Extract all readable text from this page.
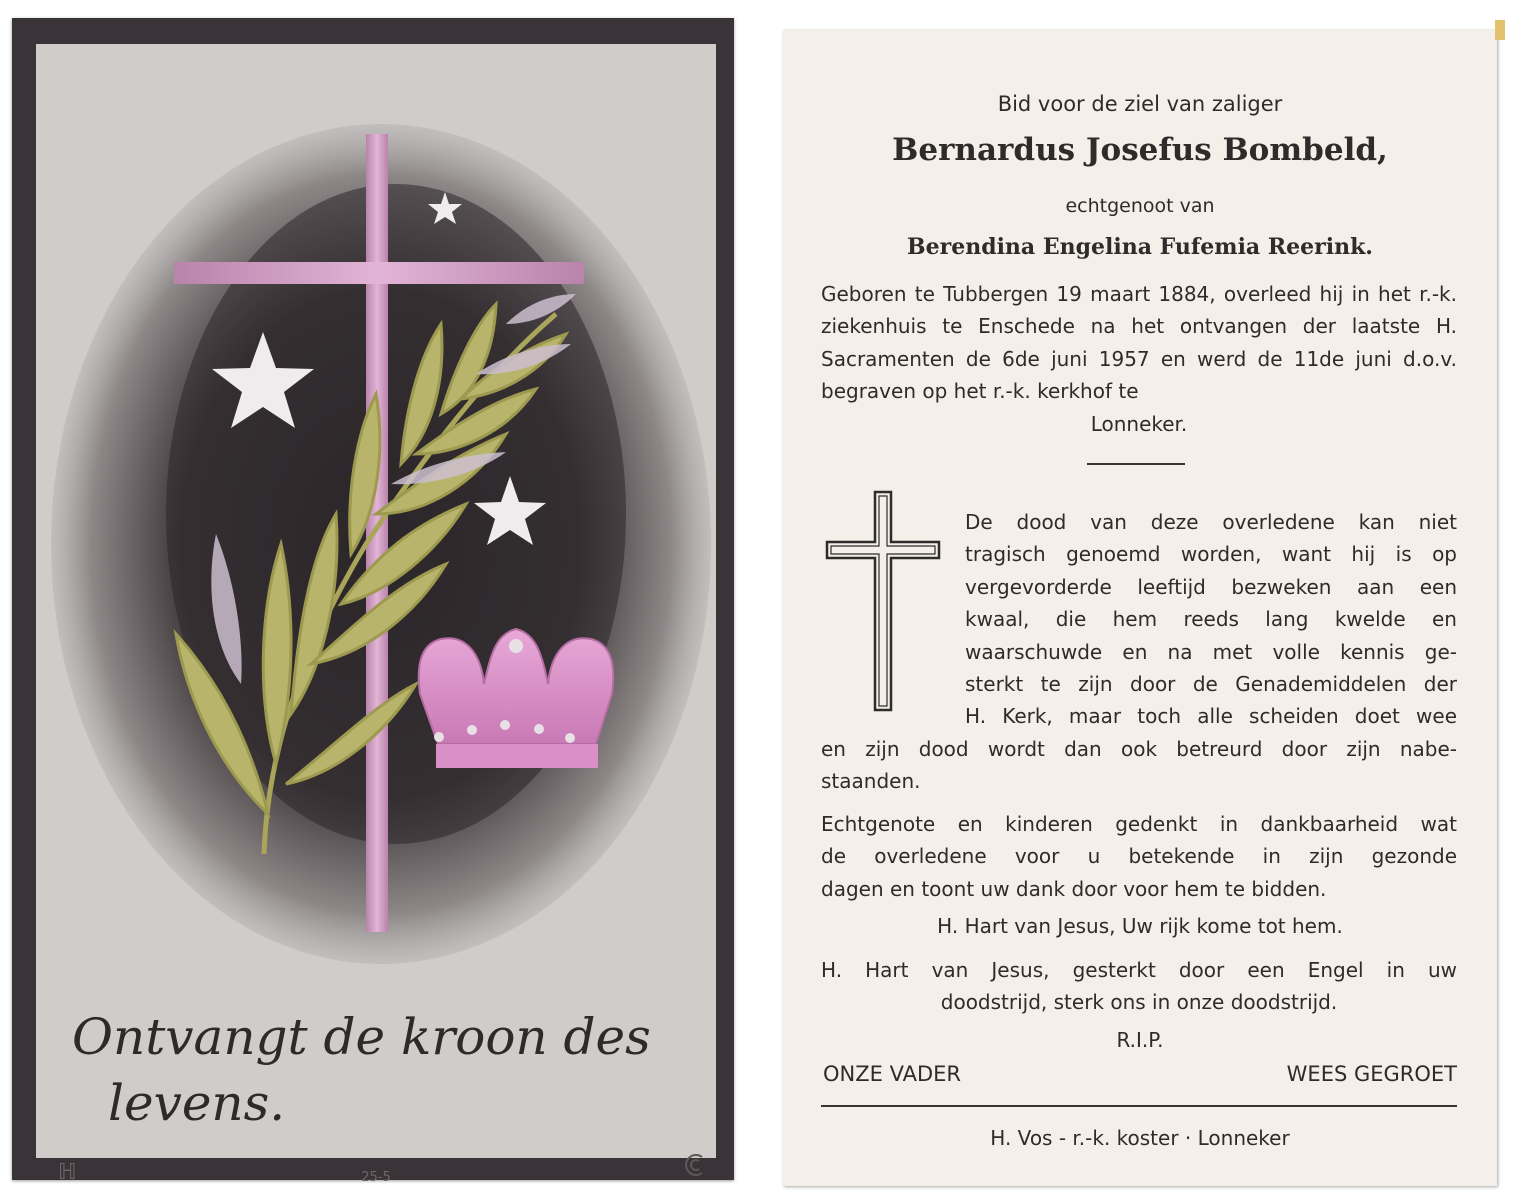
Ontvangt de kroon des
levens.
ℍ	25-5

Bid voor de ziel van zaliger

Bernardus Josefus Bombeld,

echtgenoot van

Berendina Engelina Fufemia Reerink.

Geboren te Tubbergen 19 maart 1884, overleed hij in het r.-k. ziekenhuis te Enschede na het ontvangen der laatste H. Sacramenten de 6de juni 1957 en werd de 11de juni d.o.v. begraven op het r.-k. kerkhof te
Lonneker.
De dood van deze overledene kan niet
tragisch genoemd worden, want hij is op
vergevorderde leeftijd bezweken aan een
kwaal, die hem reeds lang kwelde en
waarschuwde en na met volle kennis ge-
sterkt te zijn door de Genademiddelen der
H. Kerk, maar toch alle scheiden doet wee
en zijn dood wordt dan ook betreurd door zijn nabe-
staanden.
Echtgenote en kinderen gedenkt in dankbaarheid wat
de overledene voor u betekende in zijn gezonde
dagen en toont uw dank door voor hem te bidden.

H. Hart van Jesus, Uw rijk kome tot hem.

H. Hart van Jesus, gesterkt door een Engel in uw
doodstrijd, sterk ons in onze doodstrijd.

R.I.P.

ONZE VADER	WEES GEGROET

H. Vos - r.-k. koster · Lonneker
